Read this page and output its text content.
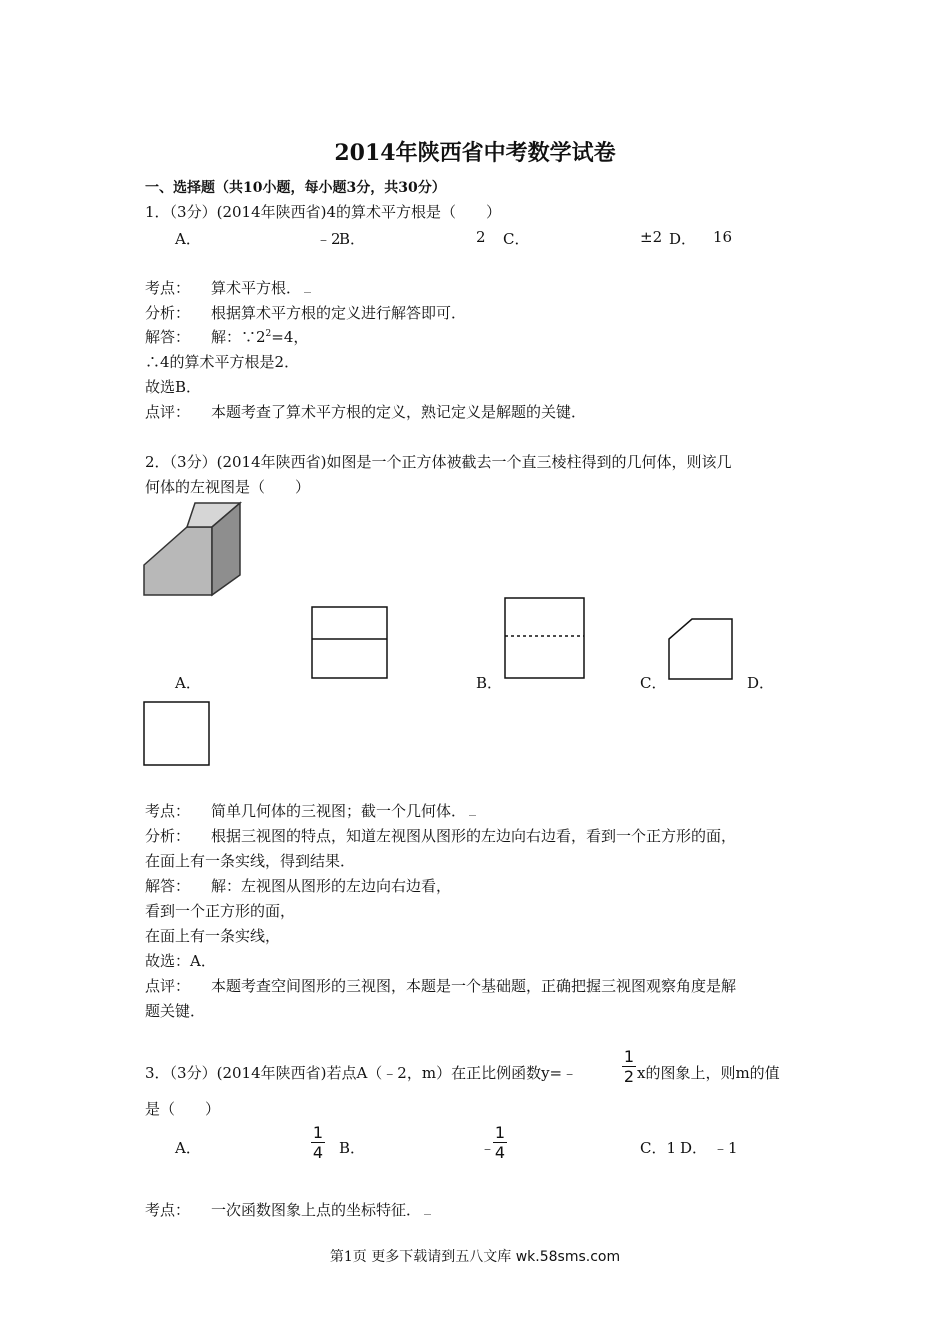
2014年陕西省中考数学试卷
一、选择题（共10小题，每小题3分，共30分）
1．（3分）(2014年陕西省)4的算术平方根是（　　）
A．	﹣2
B．	2 C．	±2 D． 16
考点： 算术平方根．
分析： 根据算术平方根的定义进行解答即可．
解答： 解：$\because 2^2=4$，
∴4的算术平方根是2．
故选B．
点评： 本题考查了算术平方根的定义，熟记定义是解题的关键．
2．（3分）(2014年陕西省)如图是一个正方体被截去一个直三棱柱得到的几何体，则该几
何体的左视图是（　　）
A．	B．	C．	D．
考点： 简单几何体的三视图；截一个几何体．
分析： 根据三视图的特点，知道左视图从图形的左边向右边看，看到一个正方形的面，
在面上有一条实线，得到结果．
解答： 解：左视图从图形的左边向右边看，
看到一个正方形的面，
在面上有一条实线，
故选：A．
点评： 本题考查空间图形的三视图，本题是一个基础题，正确把握三视图观察角度是解
题关键．
3．（3分）(2014年陕西省)若点A（﹣2，m）在正比例函数y=﹣
1
2 x的图象上，则m的值
是（　　）
A．
1
4 B．	﹣
1
4	C．1 D． ﹣1
考点： 一次函数图象上点的坐标特征．
第1页 更多下载请到五八文库 wk.58sms.com
